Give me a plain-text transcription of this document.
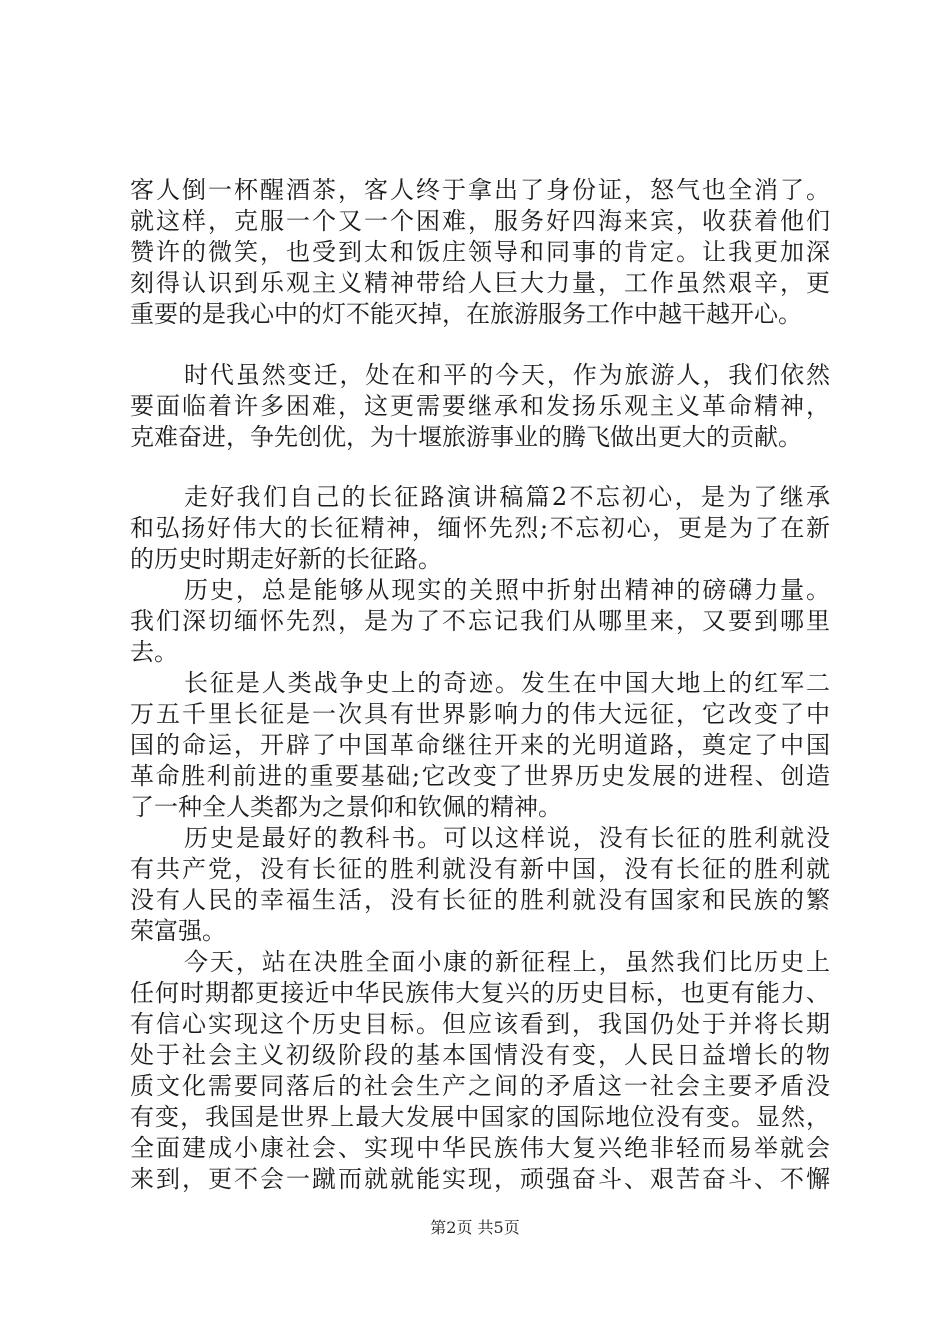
客人倒一杯醒酒茶，客人终于拿出了身份证，怒气也全消了。
就这样，克服一个又一个困难，服务好四海来宾，收获着他们
赞许的微笑，也受到太和饭庄领导和同事的肯定。让我更加深
刻得认识到乐观主义精神带给人巨大力量，工作虽然艰辛，更
重要的是我心中的灯不能灭掉，在旅游服务工作中越干越开心。
时代虽然变迁，处在和平的今天，作为旅游人，我们依然
要面临着许多困难，这更需要继承和发扬乐观主义革命精神，
克难奋进，争先创优，为十堰旅游事业的腾飞做出更大的贡献。
走好我们自己的长征路演讲稿篇2不忘初心，是为了继承
和弘扬好伟大的长征精神，缅怀先烈;不忘初心，更是为了在新
的历史时期走好新的长征路。
历史，总是能够从现实的关照中折射出精神的磅礴力量。
我们深切缅怀先烈，是为了不忘记我们从哪里来，又要到哪里
去。
长征是人类战争史上的奇迹。发生在中国大地上的红军二
万五千里长征是一次具有世界影响力的伟大远征，它改变了中
国的命运，开辟了中国革命继往开来的光明道路，奠定了中国
革命胜利前进的重要基础;它改变了世界历史发展的进程、创造
了一种全人类都为之景仰和钦佩的精神。
历史是最好的教科书。可以这样说，没有长征的胜利就没
有共产党，没有长征的胜利就没有新中国，没有长征的胜利就
没有人民的幸福生活，没有长征的胜利就没有国家和民族的繁
荣富强。
今天，站在决胜全面小康的新征程上，虽然我们比历史上
任何时期都更接近中华民族伟大复兴的历史目标，也更有能力、
有信心实现这个历史目标。但应该看到，我国仍处于并将长期
处于社会主义初级阶段的基本国情没有变，人民日益增长的物
质文化需要同落后的社会生产之间的矛盾这一社会主要矛盾没
有变，我国是世界上最大发展中国家的国际地位没有变。显然，
全面建成小康社会、实现中华民族伟大复兴绝非轻而易举就会
来到，更不会一蹴而就就能实现，顽强奋斗、艰苦奋斗、不懈
第2页 共5页
